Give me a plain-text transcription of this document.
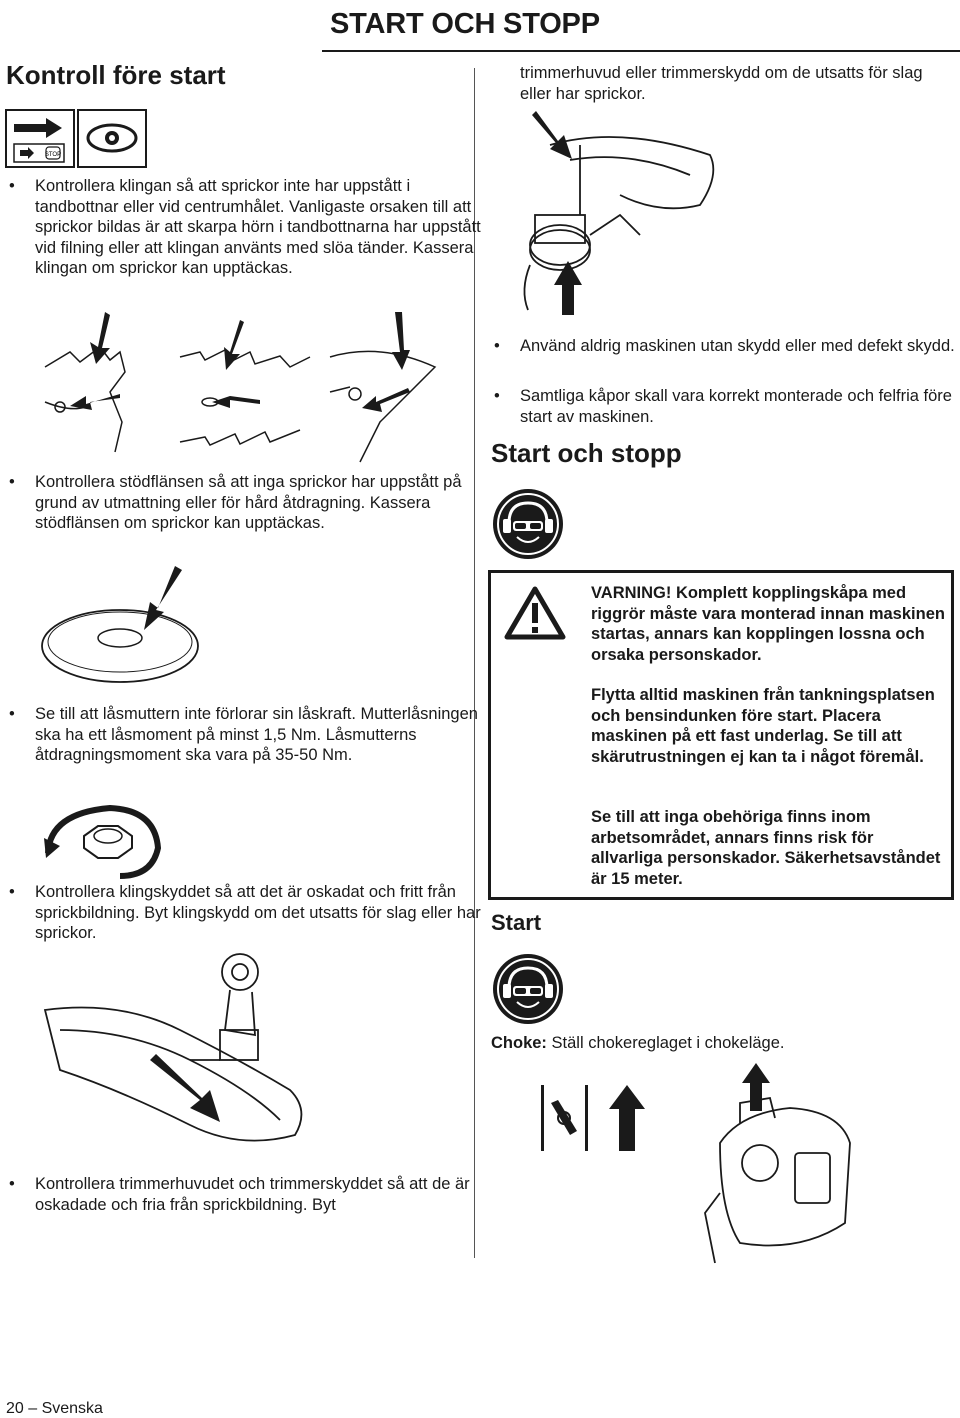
START OCH STOPP
Kontroll före start
STOP
• Kontrollera klingan så att sprickor inte har uppstått i tandbottnar eller vid centrumhålet. Vanligaste orsaken till att sprickor bildas är att skarpa hörn i tandbottnarna har uppstått vid filning eller att klingan använts med slöa tänder. Kassera klingan om sprickor kan upptäckas.
• Kontrollera stödflänsen så att inga sprickor har uppstått på grund av utmattning eller för hård åtdragning. Kassera stödflänsen om sprickor kan upptäckas.
• Se till att låsmuttern inte förlorar sin låskraft. Mutterlåsningen ska ha ett låsmoment på minst 1,5 Nm. Låsmutterns åtdragningsmoment ska vara på 35-50 Nm.
• Kontrollera klingskyddet så att det är oskadat och fritt från sprickbildning. Byt klingskydd om det utsatts för slag eller har sprickor.
• Kontrollera trimmerhuvudet och trimmerskyddet så att de är oskadade och fria från sprickbildning. Byt
trimmerhuvud eller trimmerskydd om de utsatts för slag eller har sprickor.
• Använd aldrig maskinen utan skydd eller med defekt skydd.
• Samtliga kåpor skall vara korrekt monterade och felfria före start av maskinen.
Start och stopp
VARNING! Komplett kopplingskåpa med riggrör måste vara monterad innan maskinen startas, annars kan kopplingen lossna och orsaka personskador.
Flytta alltid maskinen från tankningsplatsen och bensindunken före start. Placera maskinen på ett fast underlag. Se till att skärutrustningen ej kan ta i något föremål.
Se till att inga obehöriga finns inom arbetsområdet, annars finns risk för allvarliga personskador. Säkerhetsavståndet är 15 meter.
Start
Choke: Ställ chokereglaget i chokeläge.
20 – Svenska
